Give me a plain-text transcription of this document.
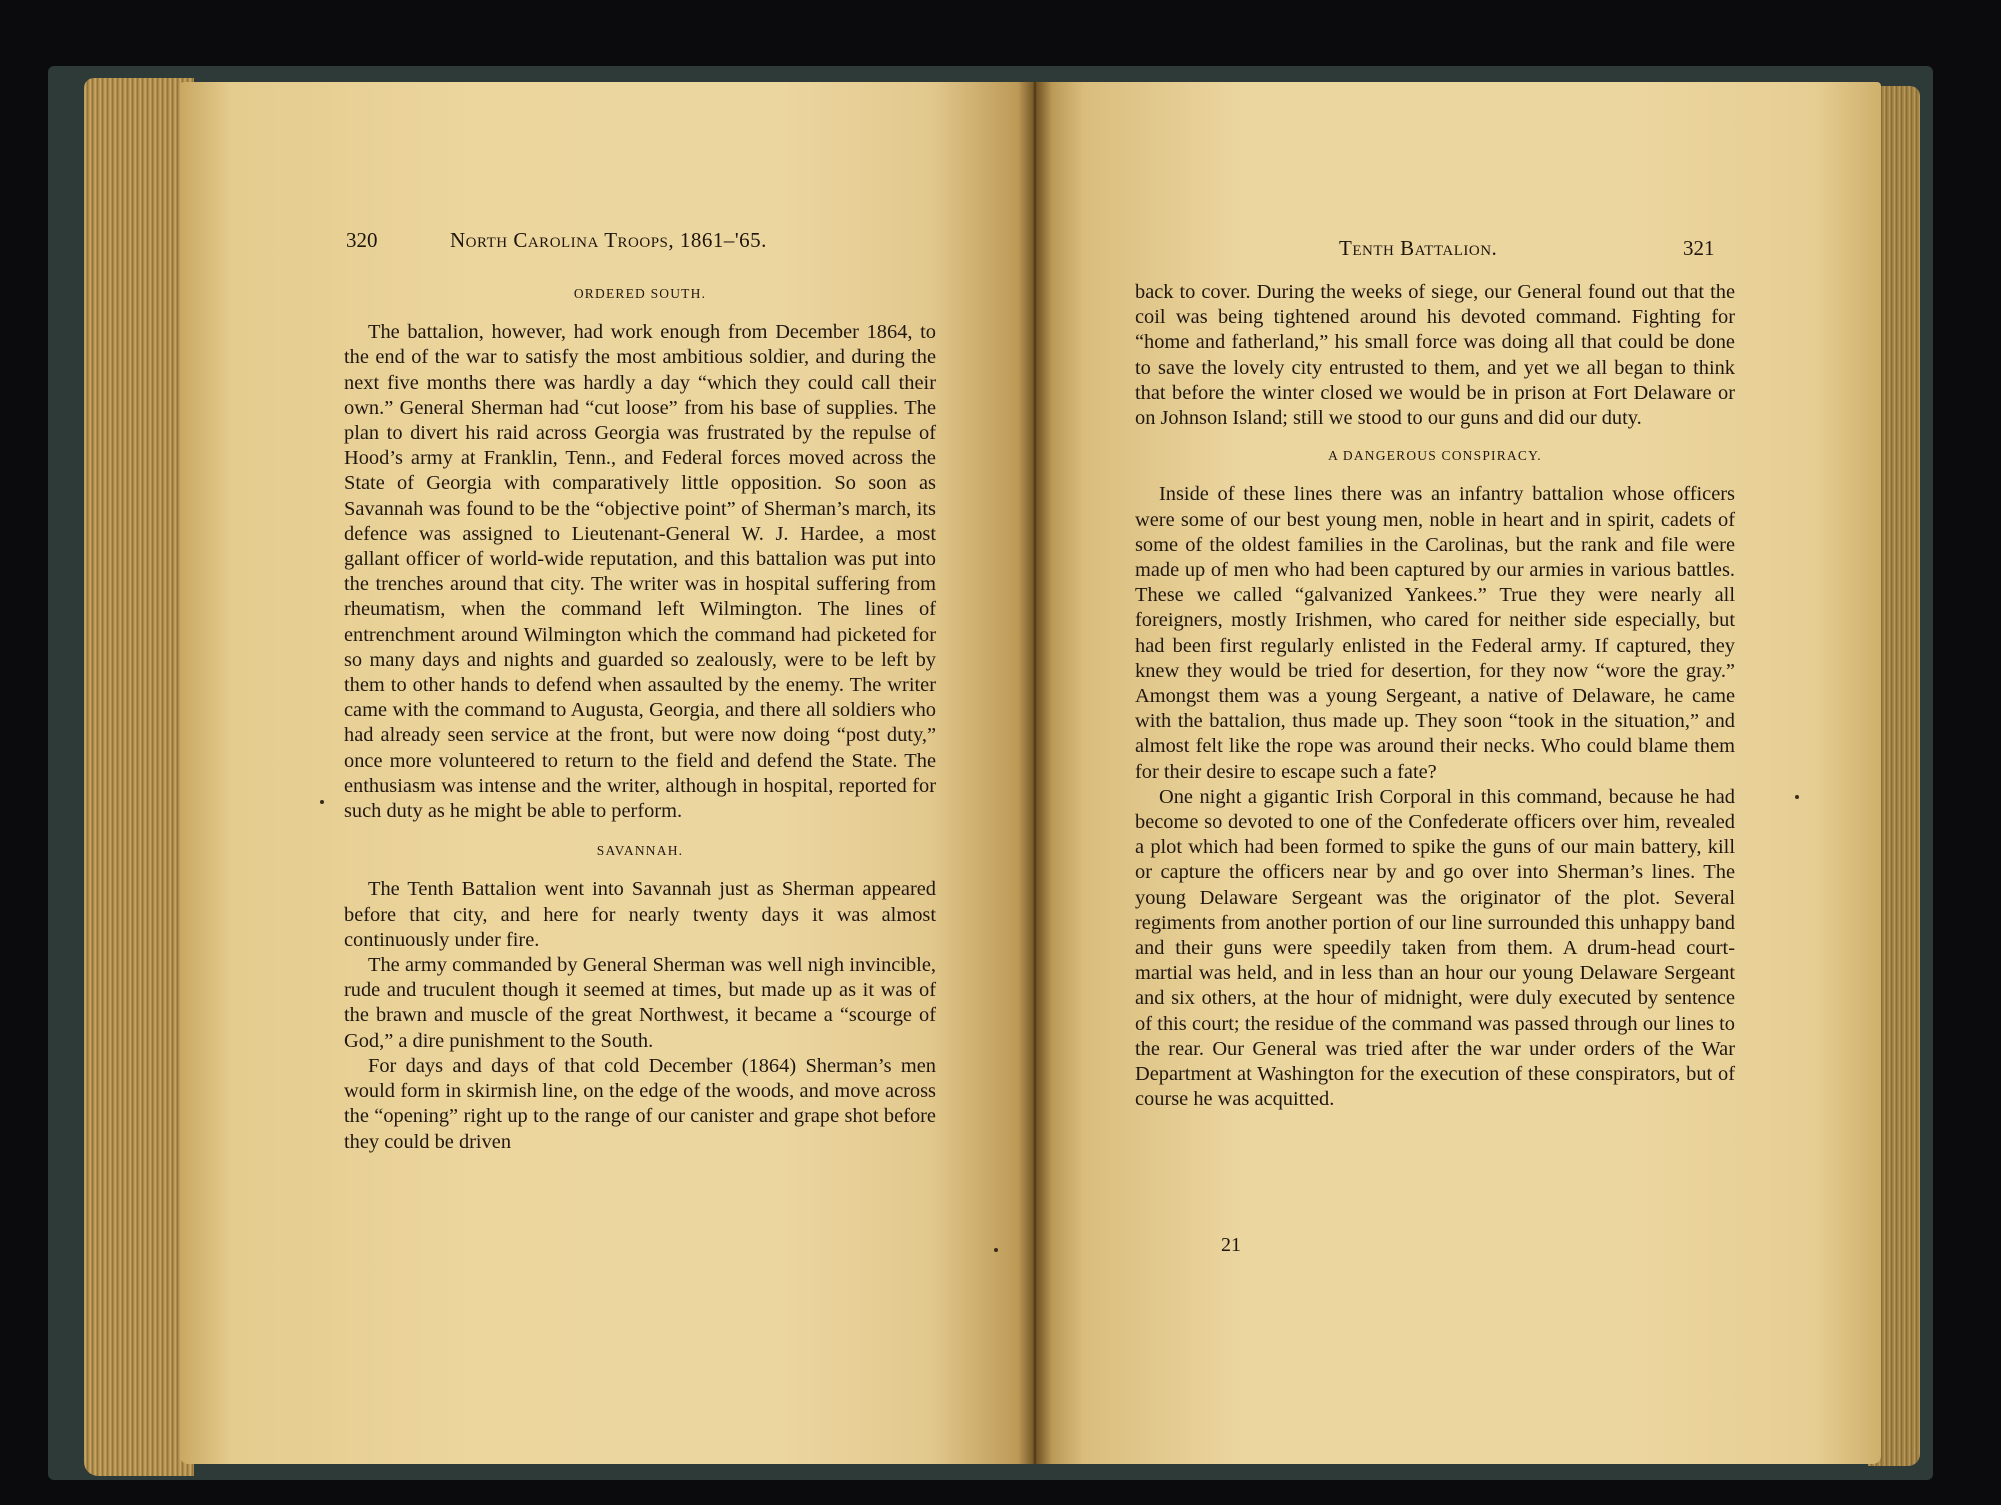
320	North Carolina Troops, 1861–'65.
ORDERED SOUTH.

The battalion, however, had work enough from December 1864, to the end of the war to satisfy the most ambitious soldier, and during the next five months there was hardly a day “which they could call their own.” General Sherman had “cut loose” from his base of supplies. The plan to divert his raid across Georgia was frustrated by the repulse of Hood’s army at Franklin, Tenn., and Federal forces moved across the State of Georgia with comparatively little opposition. So soon as Savannah was found to be the “objective point” of Sherman’s march, its defence was assigned to Lieutenant-General W. J. Hardee, a most gallant officer of world-wide reputation, and this battalion was put into the trenches around that city. The writer was in hospital suffering from rheumatism, when the command left Wilmington. The lines of entrenchment around Wilmington which the command had picketed for so many days and nights and guarded so zealously, were to be left by them to other hands to defend when assaulted by the enemy. The writer came with the command to Augusta, Georgia, and there all soldiers who had already seen service at the front, but were now doing “post duty,” once more volunteered to return to the field and defend the State. The enthusiasm was intense and the writer, although in hospital, reported for such duty as he might be able to perform.

SAVANNAH.

The Tenth Battalion went into Savannah just as Sherman appeared before that city, and here for nearly twenty days it was almost continuously under fire.

The army commanded by General Sherman was well nigh invincible, rude and truculent though it seemed at times, but made up as it was of the brawn and muscle of the great Northwest, it became a “scourge of God,” a dire punishment to the South.

For days and days of that cold December (1864) Sherman’s men would form in skirmish line, on the edge of the woods, and move across the “opening” right up to the range of our canister and grape shot before they could be driven

Tenth Battalion.	321

back to cover. During the weeks of siege, our General found out that the coil was being tightened around his devoted command. Fighting for “home and fatherland,” his small force was doing all that could be done to save the lovely city entrusted to them, and yet we all began to think that before the winter closed we would be in prison at Fort Delaware or on Johnson Island; still we stood to our guns and did our duty.

A DANGEROUS CONSPIRACY.

Inside of these lines there was an infantry battalion whose officers were some of our best young men, noble in heart and in spirit, cadets of some of the oldest families in the Carolinas, but the rank and file were made up of men who had been captured by our armies in various battles. These we called “galvanized Yankees.” True they were nearly all foreigners, mostly Irishmen, who cared for neither side especially, but had been first regularly enlisted in the Federal army. If captured, they knew they would be tried for desertion, for they now “wore the gray.” Amongst them was a young Sergeant, a native of Delaware, he came with the battalion, thus made up. They soon “took in the situation,” and almost felt like the rope was around their necks. Who could blame them for their desire to escape such a fate?

One night a gigantic Irish Corporal in this command, because he had become so devoted to one of the Confederate officers over him, revealed a plot which had been formed to spike the guns of our main battery, kill or capture the officers near by and go over into Sherman’s lines. The young Delaware Sergeant was the originator of the plot. Several regiments from another portion of our line surrounded this unhappy band and their guns were speedily taken from them. A drum-head court-martial was held, and in less than an hour our young Delaware Sergeant and six others, at the hour of midnight, were duly executed by sentence of this court; the residue of the command was passed through our lines to the rear. Our General was tried after the war under orders of the War Department at Washington for the execution of these conspirators, but of course he was acquitted.

21
